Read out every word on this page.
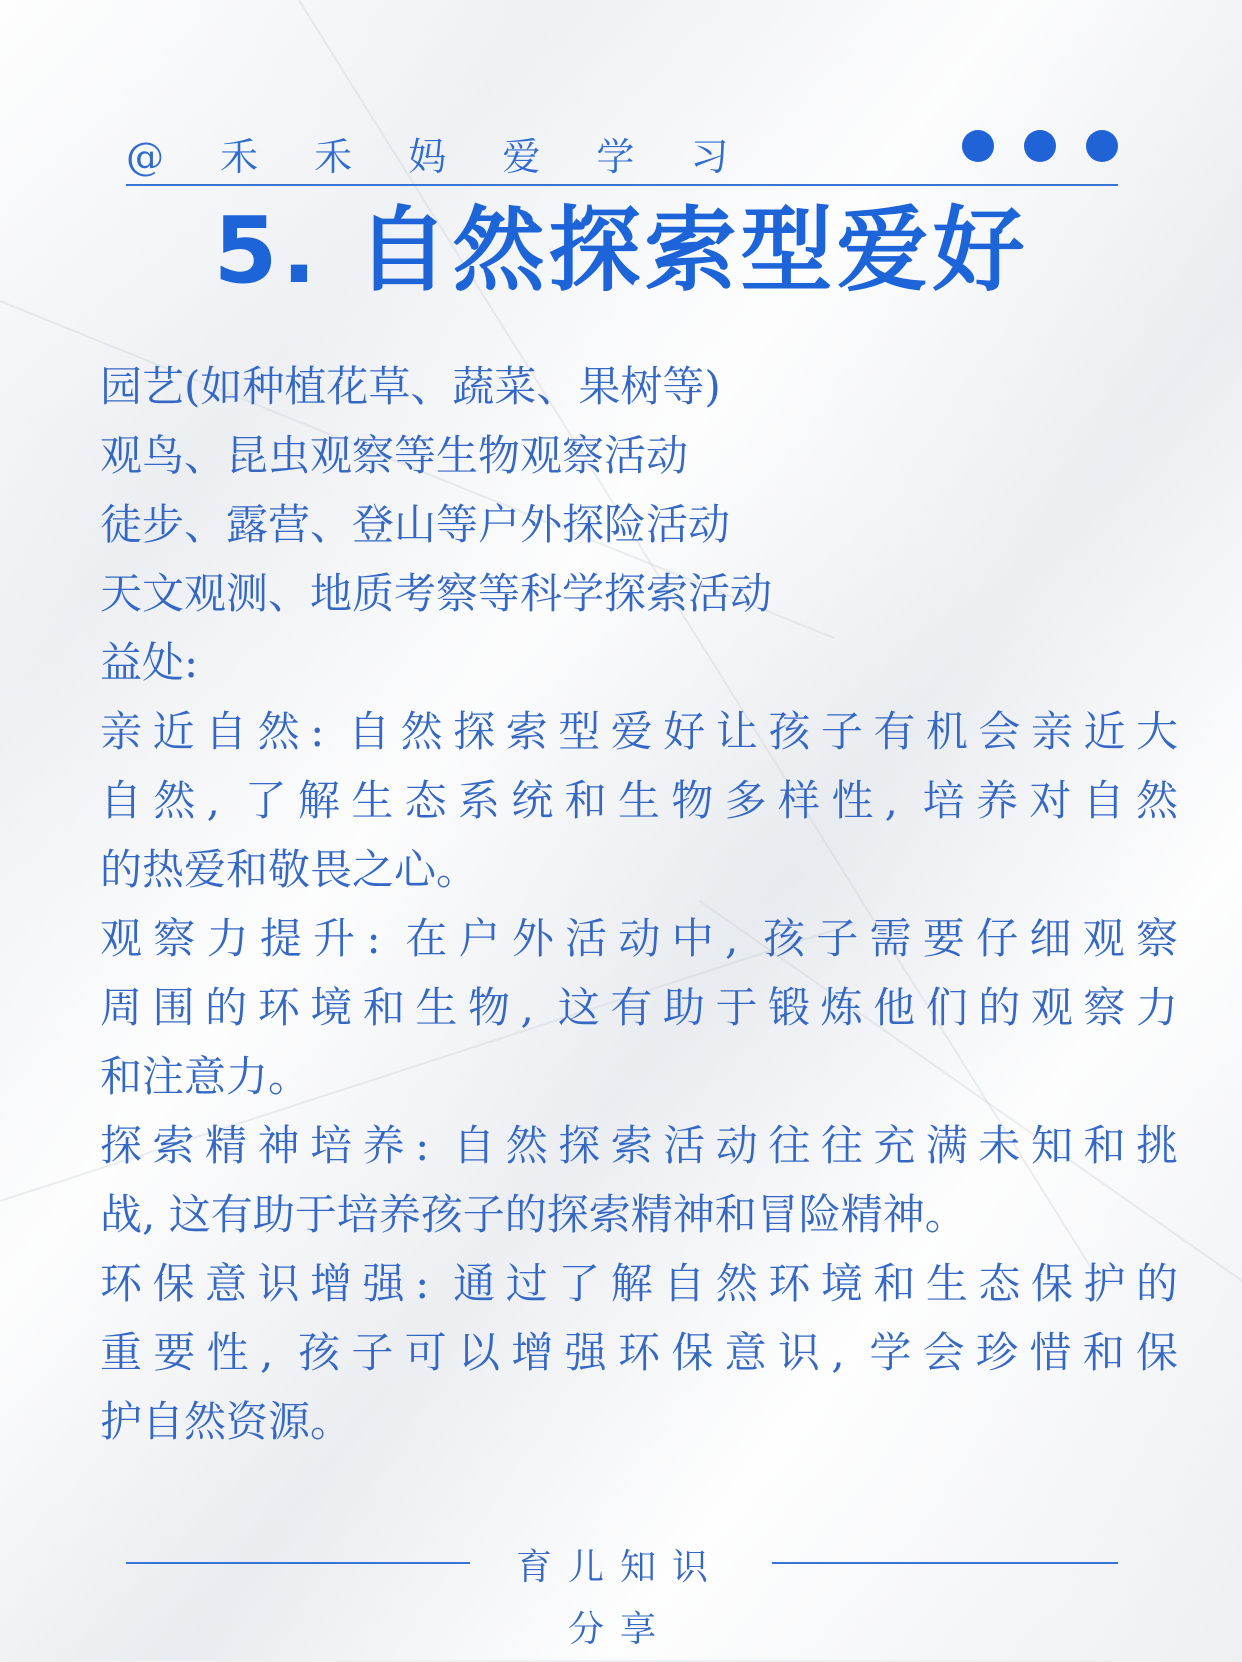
@ 禾 禾 妈 爱 学 习
5. 自然探索型爱好
园艺(如种植花草、蔬菜、果树等)
观鸟、昆虫观察等生物观察活动
徒步、露营、登山等户外探险活动
天文观测、地质考察等科学探索活动
益处:
亲近自然: 自然探索型爱好让孩子有机会亲近大
自然, 了解生态系统和生物多样性, 培养对自然
的热爱和敬畏之心。
观察力提升: 在户外活动中, 孩子需要仔细观察
周围的环境和生物, 这有助于锻炼他们的观察力
和注意力。
探索精神培养: 自然探索活动往往充满未知和挑
战, 这有助于培养孩子的探索精神和冒险精神。
环保意识增强: 通过了解自然环境和生态保护的
重要性, 孩子可以增强环保意识, 学会珍惜和保
护自然资源。
育儿知识
分享
